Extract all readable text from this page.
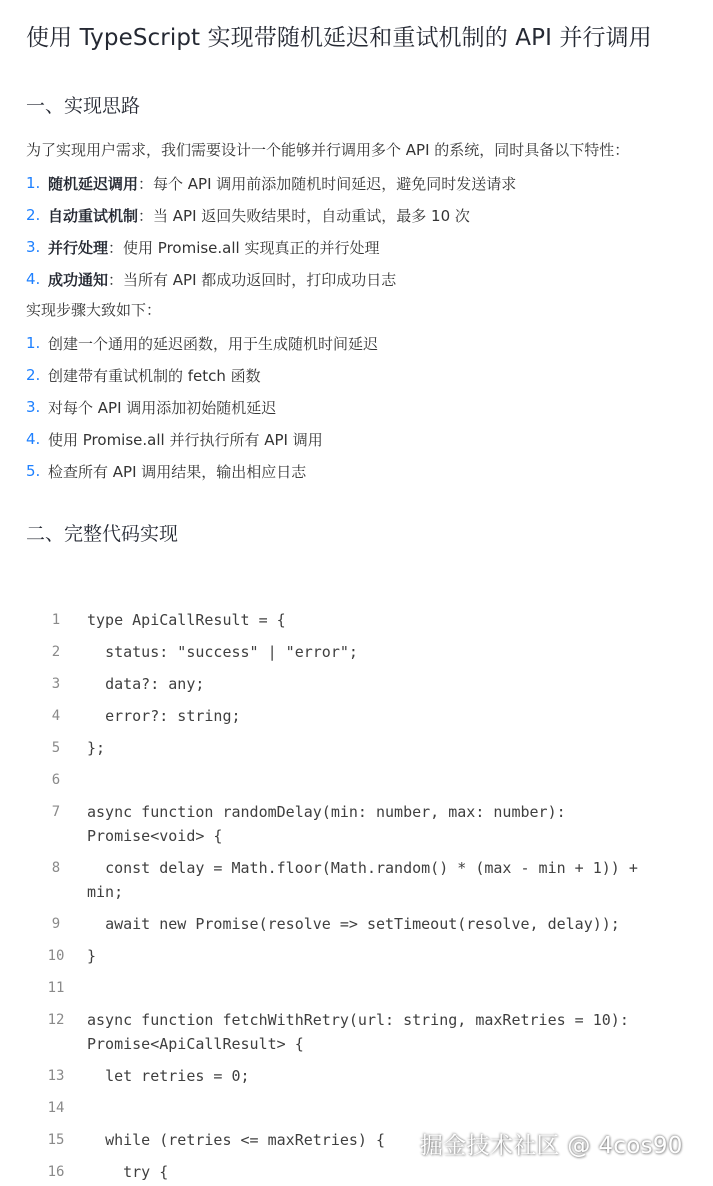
使用 TypeScript 实现带随机延迟和重试机制的 API 并行调用
一、实现思路

为了实现用户需求，我们需要设计一个能够并行调用多个 API 的系统，同时具备以下特性：

1. 随机延迟调用 ：每个 API 调用前添加随机时间延迟，避免同时发送请求
2. 自动重试机制 ：当 API 返回失败结果时，自动重试，最多 10 次
3. 并行处理 ：使用 Promise.all 实现真正的并行处理
4. 成功通知 ：当所有 API 都成功返回时，打印成功日志

实现步骤大致如下：

1. 创建一个通用的延迟函数，用于生成随机时间延迟
2. 创建带有重试机制的 fetch 函数
3. 对每个 API 调用添加初始随机延迟
4. 使用 Promise.all 并行执行所有 API 调用
5. 检查所有 API 调用结果，输出相应日志
二、完整代码实现
1	type ApiCallResult = {
2	status: "success" | "error";
3	data?: any;
4	error?: string;
5	};
6
7	async function randomDelay(min: number, max: number): Promise<void> {
8	const delay = Math.floor(Math.random() * (max - min + 1)) + min;
9	await new Promise(resolve => setTimeout(resolve, delay));
10	}
11
12	async function fetchWithRetry(url: string, maxRetries = 10): Promise<ApiCallResult> {
13	let retries = 0;
14
15	while (retries <= maxRetries) {
16	try {
掘金技术社区 @ 4cos90
